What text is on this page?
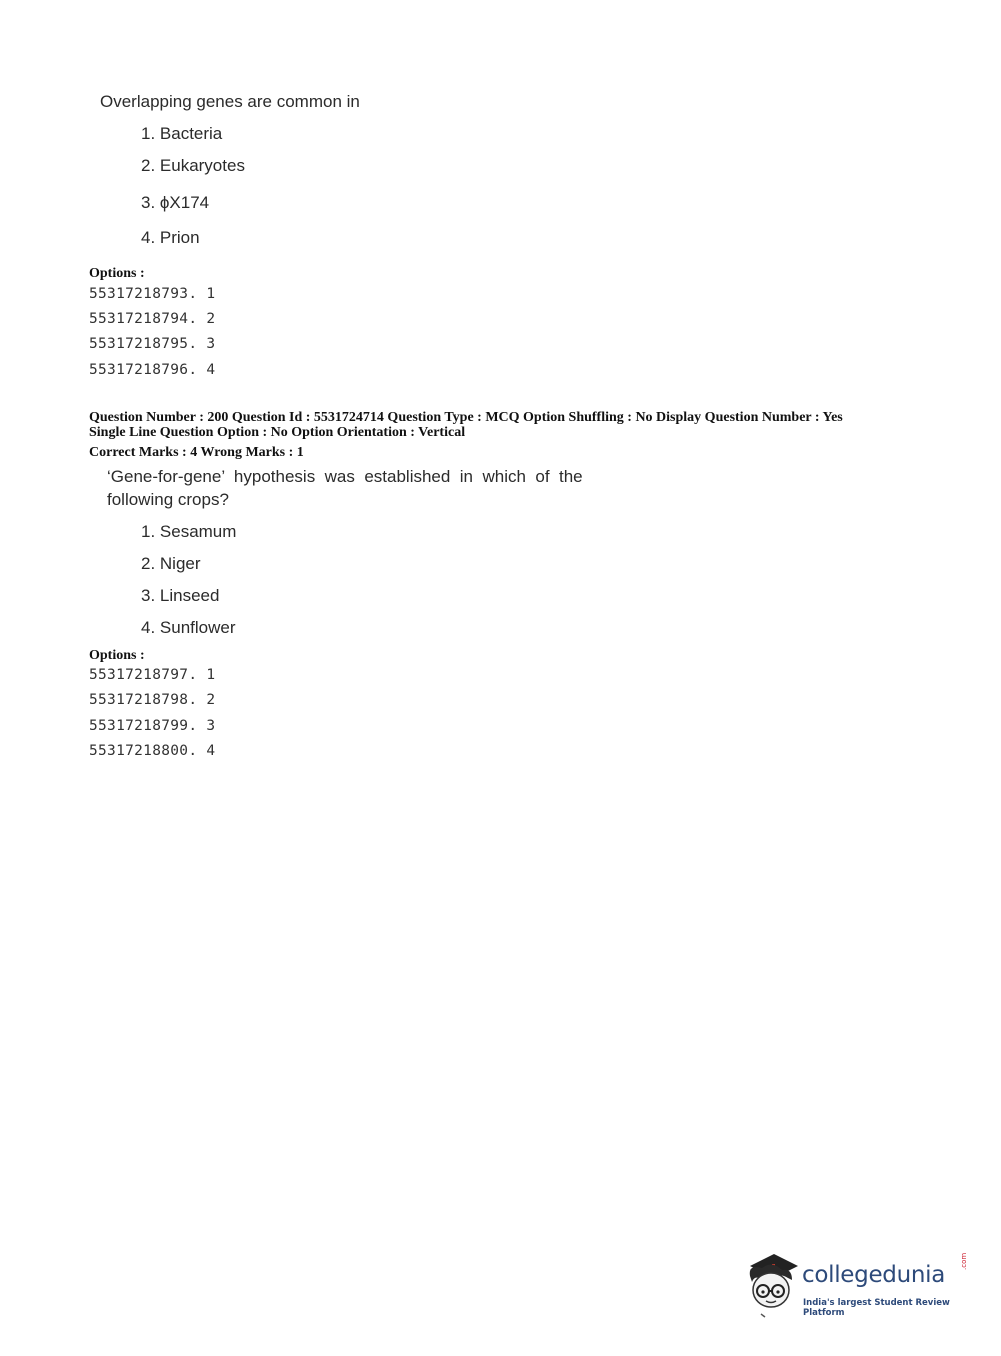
Overlapping genes are common in
1. Bacteria
2. Eukaryotes
3. ϕX174
4. Prion
Options :
55317218793. 1
55317218794. 2
55317218795. 3
55317218796. 4
Question Number : 200 Question Id : 5531724714 Question Type : MCQ Option Shuffling : No Display Question Number : Yes
Single Line Question Option : No Option Orientation : Vertical
Correct Marks : 4 Wrong Marks : 1
‘Gene-for-gene’  hypothesis  was  established  in  which  of  the
following crops?
1. Sesamum
2. Niger
3. Linseed
4. Sunflower
Options :
55317218797. 1
55317218798. 2
55317218799. 3
55317218800. 4
collegedunia
.com
India's largest Student Review Platform
